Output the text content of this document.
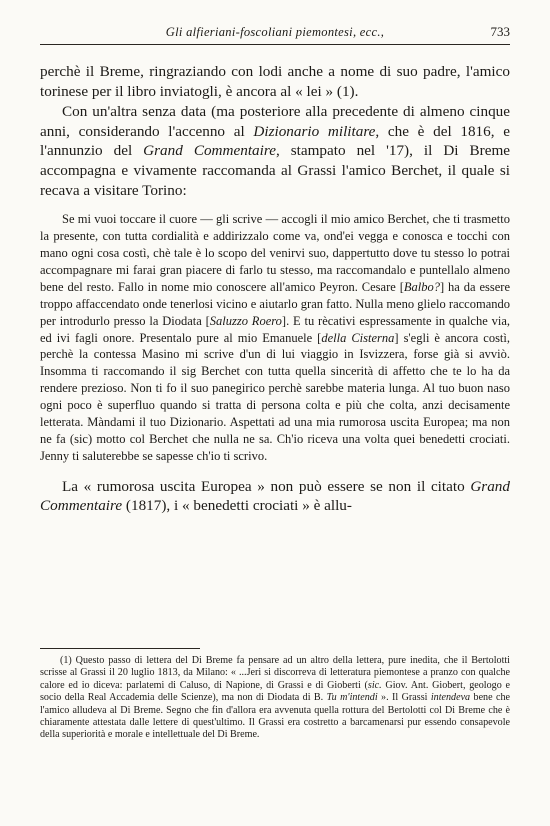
Gli alfieriani-foscoliani piemontesi, ecc.,	733

perchè il Breme, ringraziando con lodi anche a nome di suo padre, l'amico torinese per il libro inviatogli, è ancora al « lei » (1).

Con un'altra senza data (ma posteriore alla precedente di almeno cinque anni, considerando l'accenno al Dizionario militare, che è del 1816, e l'annunzio del Grand Commentaire, stampato nel '17), il Di Breme accompagna e vivamente raccomanda al Grassi l'amico Berchet, il quale si recava a visitare Torino:

Se mi vuoi toccare il cuore — gli scrive — accogli il mio amico Berchet, che ti trasmetto la presente, con tutta cordialità e addirizzalo come va, ond'ei vegga e conosca e tocchi con mano ogni cosa costì, chè tale è lo scopo del venirvi suo, dappertutto dove tu stesso lo potrai accompagnare mi farai gran piacere di farlo tu stesso, ma raccomandalo e puntellalo almeno bene del resto. Fallo in nome mio conoscere all'amico Peyron. Cesare [Balbo?] ha da essere troppo affaccendato onde tenerlosi vicino e aiutarlo gran fatto. Nulla meno glielo raccomando per introdurlo presso la Diodata [Saluzzo Roero]. E tu rècativi espressamente in qualche via, ed ivi fagli onore. Presentalo pure al mio Emanuele [della Cisterna] s'egli è ancora costì, perchè la contessa Masino mi scrive d'un di lui viaggio in Isvizzera, forse già si avviò. Insomma ti raccomando il sig Berchet con tutta quella sincerità di affetto che te lo ha da rendere prezioso. Non ti fo il suo panegirico perchè sarebbe materia lunga. Al tuo buon naso ogni poco è superfluo quando si tratta di persona colta e più che colta, anzi decisamente letterata. Màndami il tuo Dizionario. Aspettati ad una mia rumorosa uscita Europea; ma non ne fa (sic) motto col Berchet che nulla ne sa. Ch'io riceva una volta quei benedetti crociati. Jenny ti saluterebbe se sapesse ch'io ti scrivo.

La « rumorosa uscita Europea » non può essere se non il citato Grand Commentaire (1817), i « benedetti crociati » è allu-

(1) Questo passo di lettera del Di Breme fa pensare ad un altro della lettera, pure inedita, che il Bertolotti scrisse al Grassi il 20 luglio 1813, da Milano: « ...Jeri si discorreva di letteratura piemontese a pranzo con qualche calore ed io diceva: parlatemi di Caluso, di Napione, di Grassi e di Gioberti (sic. Giov. Ant. Giobert, geologo e socio della Real Accademia delle Scienze), ma non di Diodata di B. Tu m'intendi ». Il Grassi intendeva bene che l'amico alludeva al Di Breme. Segno che fin d'allora era avvenuta quella rottura del Bertolotti col Di Breme che è chiaramente attestata dalle lettere di quest'ultimo. Il Grassi era costretto a barcamenarsi pur essendo consapevole della superiorità e morale e intellettuale del Di Breme.
